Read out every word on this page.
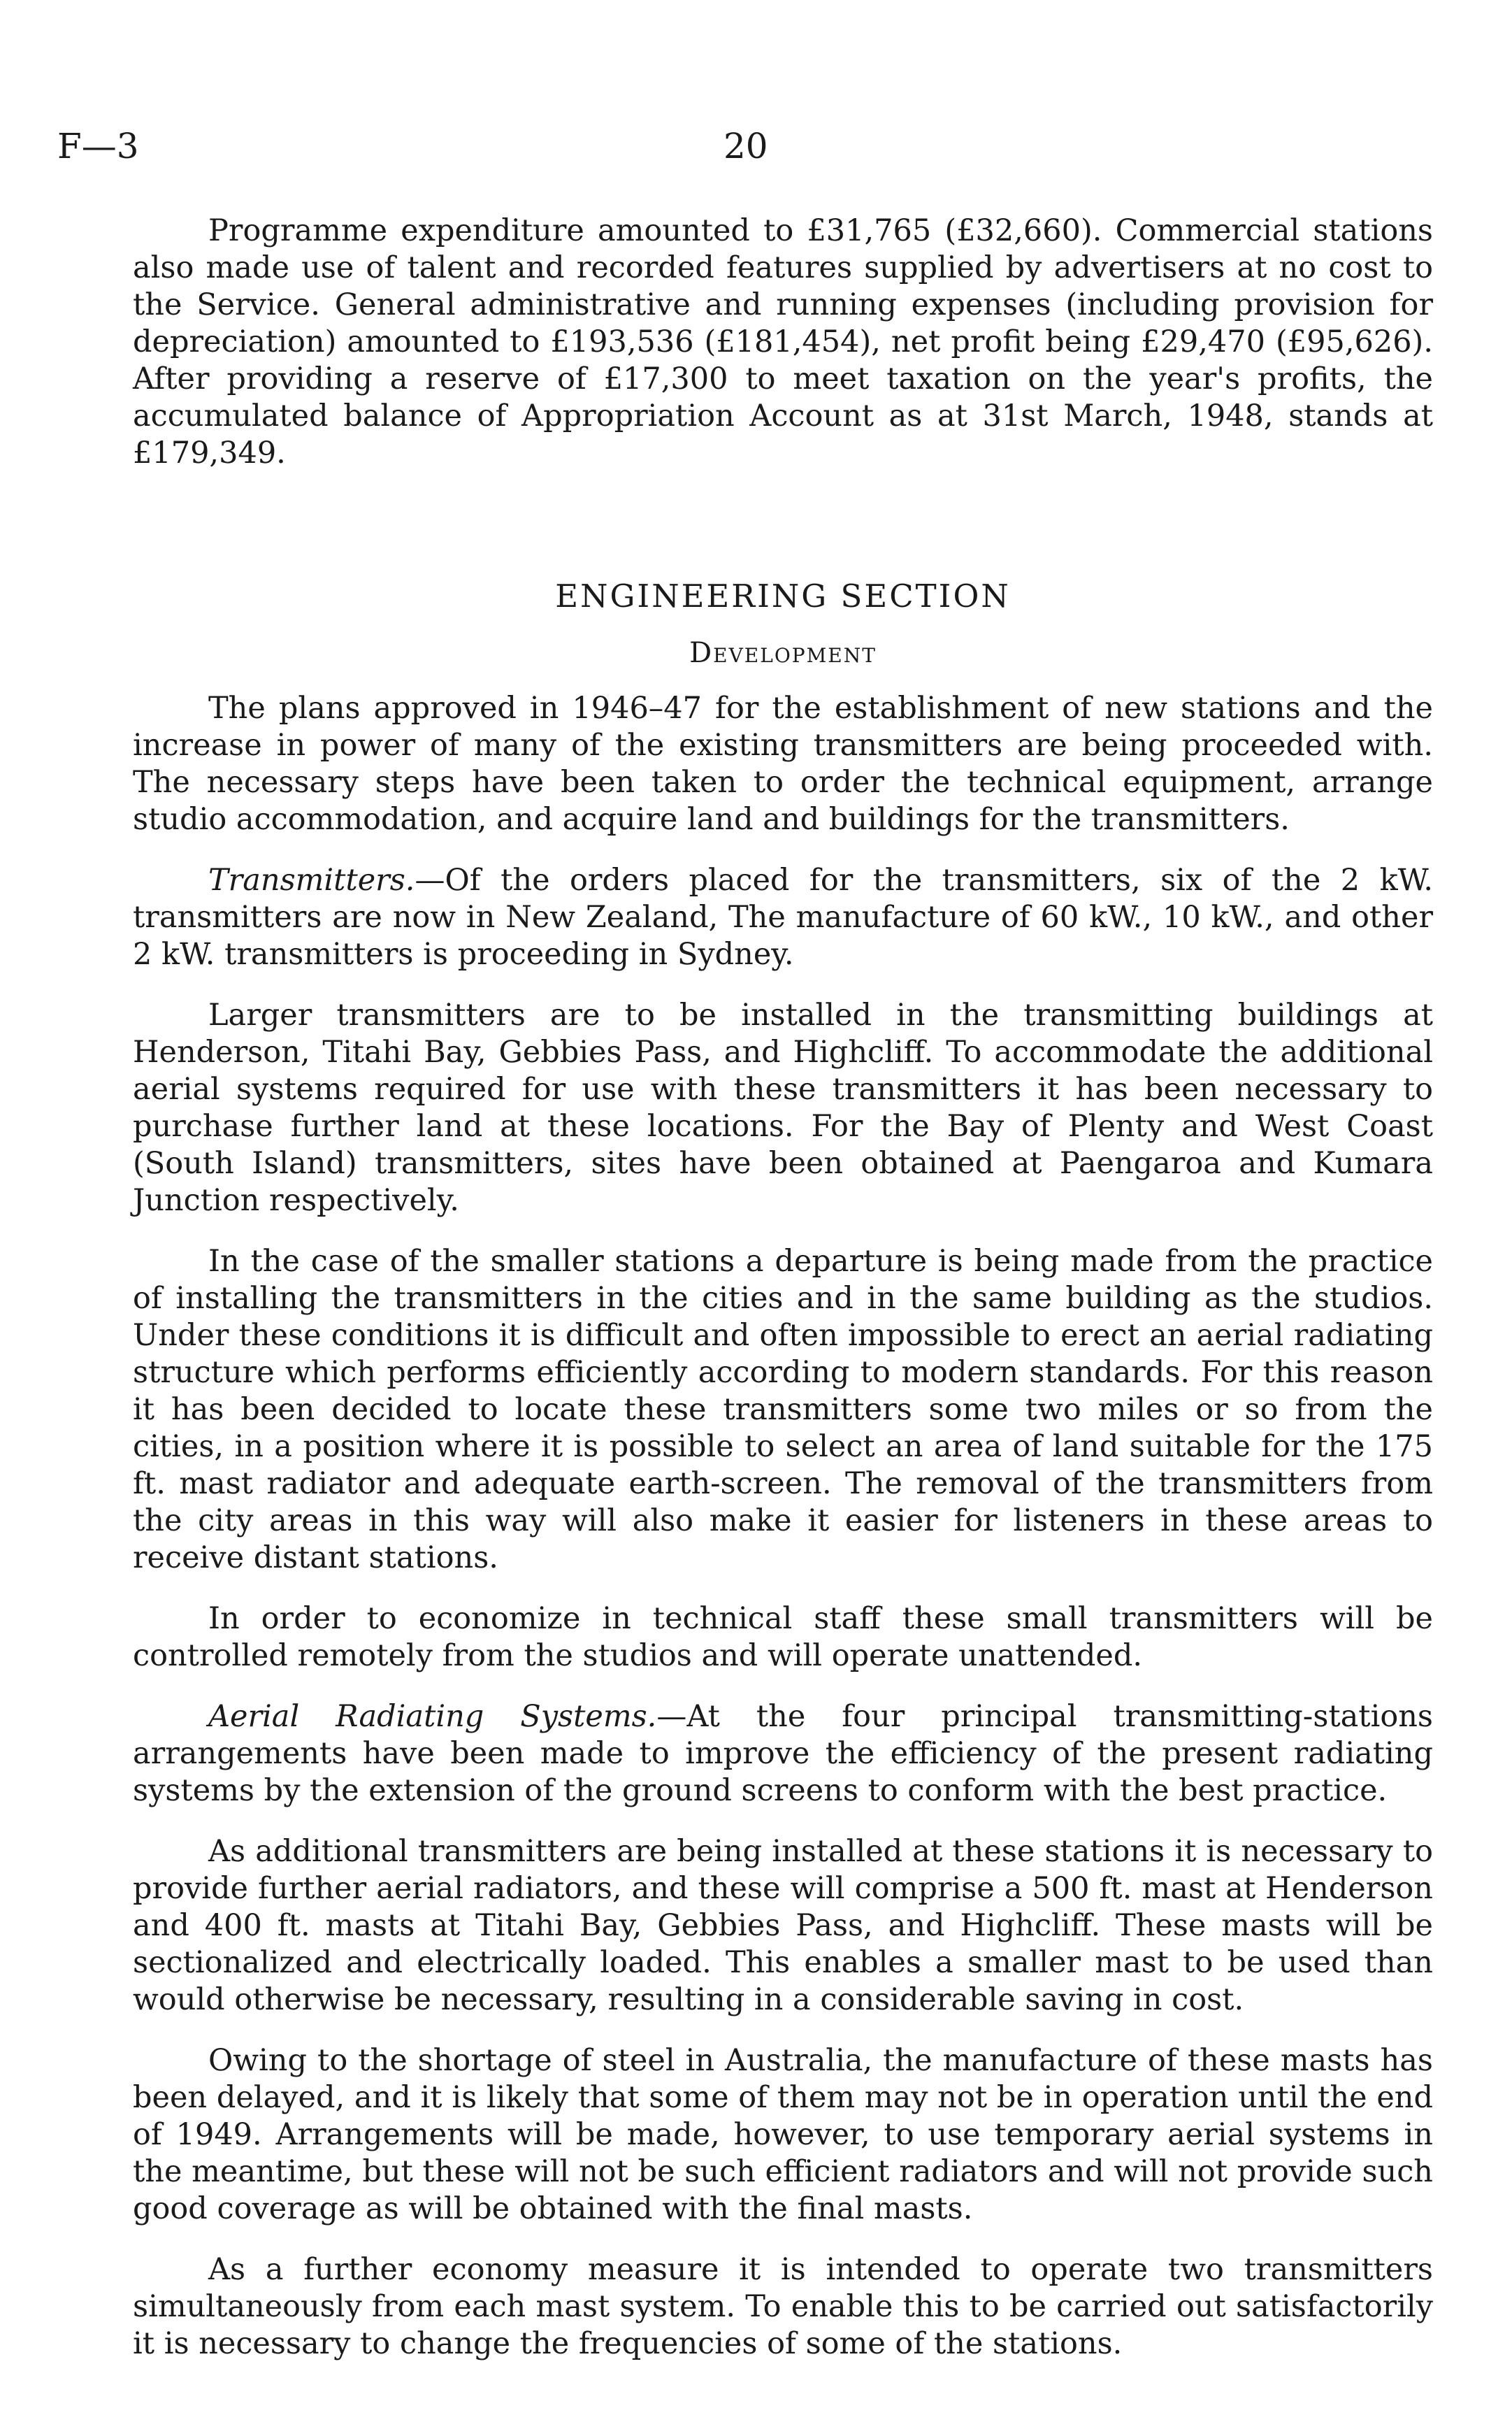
F—3	20

Programme expenditure amounted to £31,765 (£32,660). Commercial stations also made use of talent and recorded features supplied by advertisers at no cost to the Service. General administrative and running expenses (including provision for depreciation) amounted to £193,536 (£181,454), net profit being £29,470 (£95,626). After providing a reserve of £17,300 to meet taxation on the year's profits, the accumulated balance of Appropriation Account as at 31st March, 1948, stands at £179,349.

ENGINEERING SECTION
Development

The plans approved in 1946–47 for the establishment of new stations and the increase in power of many of the existing transmitters are being proceeded with. The necessary steps have been taken to order the technical equipment, arrange studio accommodation, and acquire land and buildings for the transmitters.

Transmitters.—Of the orders placed for the transmitters, six of the 2 kW. transmitters are now in New Zealand, The manufacture of 60 kW., 10 kW., and other 2 kW. transmitters is proceeding in Sydney.

Larger transmitters are to be installed in the transmitting buildings at Henderson, Titahi Bay, Gebbies Pass, and Highcliff. To accommodate the additional aerial systems required for use with these transmitters it has been necessary to purchase further land at these locations. For the Bay of Plenty and West Coast (South Island) transmitters, sites have been obtained at Paengaroa and Kumara Junction respectively.

In the case of the smaller stations a departure is being made from the practice of installing the transmitters in the cities and in the same building as the studios. Under these conditions it is difficult and often impossible to erect an aerial radiating structure which performs efficiently according to modern standards. For this reason it has been decided to locate these transmitters some two miles or so from the cities, in a position where it is possible to select an area of land suitable for the 175 ft. mast radiator and adequate earth-screen. The removal of the transmitters from the city areas in this way will also make it easier for listeners in these areas to receive distant stations.

In order to economize in technical staff these small transmitters will be controlled remotely from the studios and will operate unattended.

Aerial Radiating Systems.—At the four principal transmitting-stations arrangements have been made to improve the efficiency of the present radiating systems by the extension of the ground screens to conform with the best practice.

As additional transmitters are being installed at these stations it is necessary to provide further aerial radiators, and these will comprise a 500 ft. mast at Henderson and 400 ft. masts at Titahi Bay, Gebbies Pass, and Highcliff. These masts will be sectionalized and electrically loaded. This enables a smaller mast to be used than would otherwise be necessary, resulting in a considerable saving in cost.

Owing to the shortage of steel in Australia, the manufacture of these masts has been delayed, and it is likely that some of them may not be in operation until the end of 1949. Arrangements will be made, however, to use temporary aerial systems in the meantime, but these will not be such efficient radiators and will not provide such good coverage as will be obtained with the final masts.

As a further economy measure it is intended to operate two transmitters simultaneously from each mast system. To enable this to be carried out satisfactorily it is necessary to change the frequencies of some of the stations.
